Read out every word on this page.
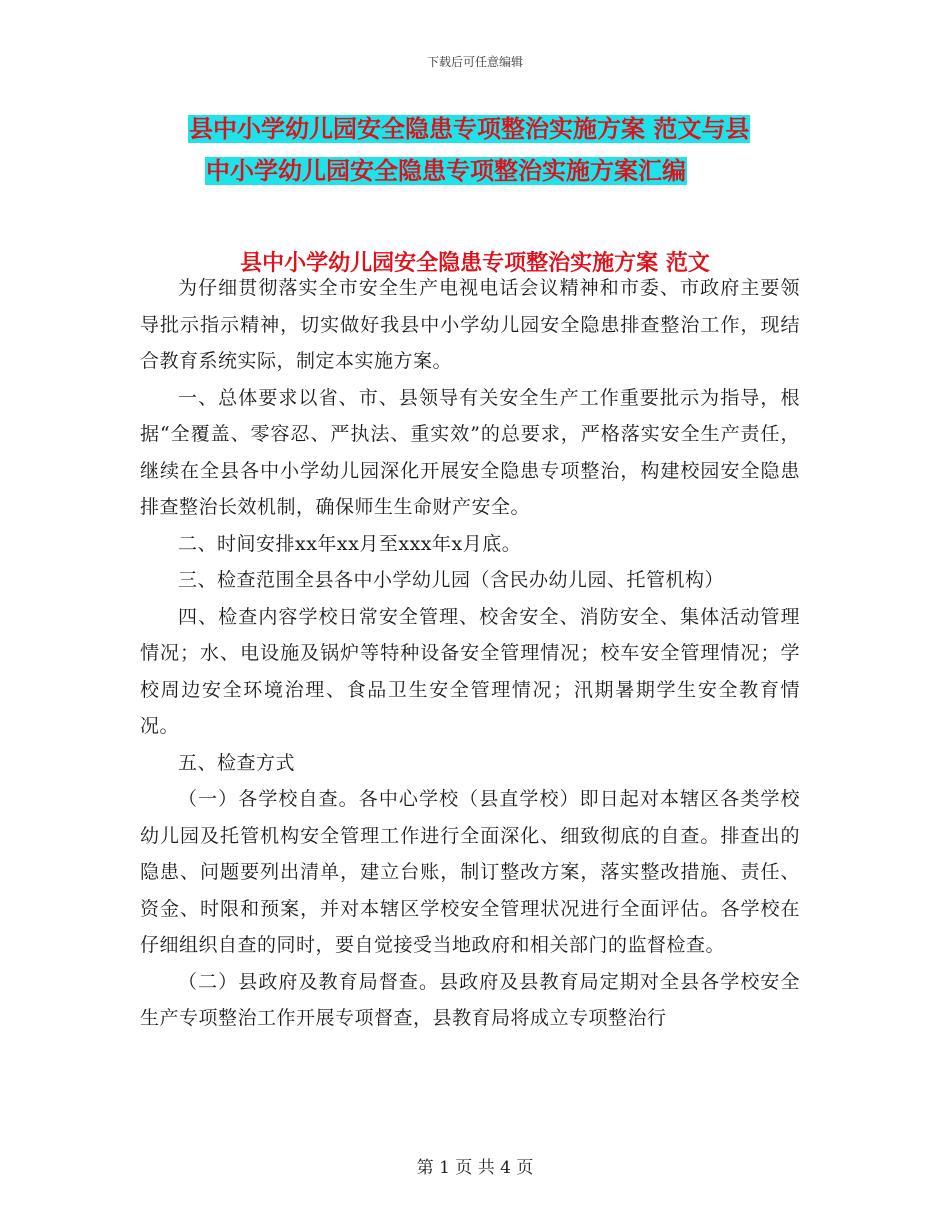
下载后可任意编辑
县中小学幼儿园安全隐患专项整治实施方案 范文与县
中小学幼儿园安全隐患专项整治实施方案汇编
县中小学幼儿园安全隐患专项整治实施方案 范文

为仔细贯彻落实全市安全生产电视电话会议精神和市委、市政府主要领导批示指示精神，切实做好我县中小学幼儿园安全隐患排查整治工作，现结合教育系统实际，制定本实施方案。

一、总体要求以省、市、县领导有关安全生产工作重要批示为指导，根据“全覆盖、零容忍、严执法、重实效”的总要求，严格落实安全生产责任，继续在全县各中小学幼儿园深化开展安全隐患专项整治，构建校园安全隐患排查整治长效机制，确保师生生命财产安全。

二、时间安排xx年xx月至xxx年x月底。

三、检查范围全县各中小学幼儿园（含民办幼儿园、托管机构）

四、检查内容学校日常安全管理、校舍安全、消防安全、集体活动管理情况；水、电设施及锅炉等特种设备安全管理情况；校车安全管理情况；学校周边安全环境治理、食品卫生安全管理情况；汛期暑期学生安全教育情况。

五、检查方式

（一）各学校自查。各中心学校（县直学校）即日起对本辖区各类学校幼儿园及托管机构安全管理工作进行全面深化、细致彻底的自查。排查出的隐患、问题要列出清单，建立台账，制订整改方案，落实整改措施、责任、资金、时限和预案，并对本辖区学校安全管理状况进行全面评估。各学校在仔细组织自查的同时，要自觉接受当地政府和相关部门的监督检查。

（二）县政府及教育局督查。县政府及县教育局定期对全县各学校安全生产专项整治工作开展专项督查，县教育局将成立专项整治行

第 1 页 共 4 页
